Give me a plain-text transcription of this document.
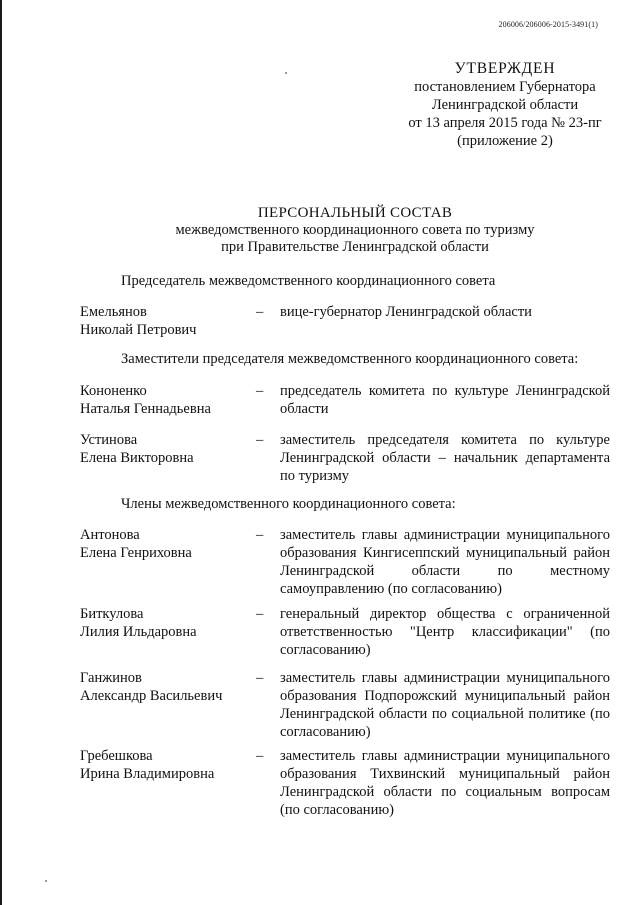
206006/206006-2015-3491(1)
УТВЕРЖДЕН
постановлением Губернатора
Ленинградской области
от 13 апреля 2015 года № 23-пг
(приложение 2)
ПЕРСОНАЛЬНЫЙ СОСТАВ
межведомственного координационного совета по туризму
при Правительстве Ленинградской области
Председатель межведомственного координационного совета
Емельянов
Николай Петрович
– вице-губернатор Ленинградской области
Заместители председателя межведомственного координационного совета:
Кононенко
Наталья Геннадьевна
– председатель комитета по культуре Ленинградской области
Устинова
Елена Викторовна
– заместитель председателя комитета по культуре Ленинградской области – начальник департамента по туризму
Члены межведомственного координационного совета:
Антонова
Елена Генриховна
– заместитель главы администрации муниципального образования Кингисеппский муниципальный район Ленинградской области по местному самоуправлению (по согласованию)
Биткулова
Лилия Ильдаровна
– генеральный директор общества с ограниченной ответственностью "Центр классификации" (по согласованию)
Ганжинов
Александр Васильевич
– заместитель главы администрации муниципального образования Подпорожский муниципальный район Ленинградской области по социальной политике (по согласованию)
Гребешкова
Ирина Владимировна
– заместитель главы администрации муниципального образования Тихвинский муниципальный район Ленинградской области по социальным вопросам (по согласованию)
